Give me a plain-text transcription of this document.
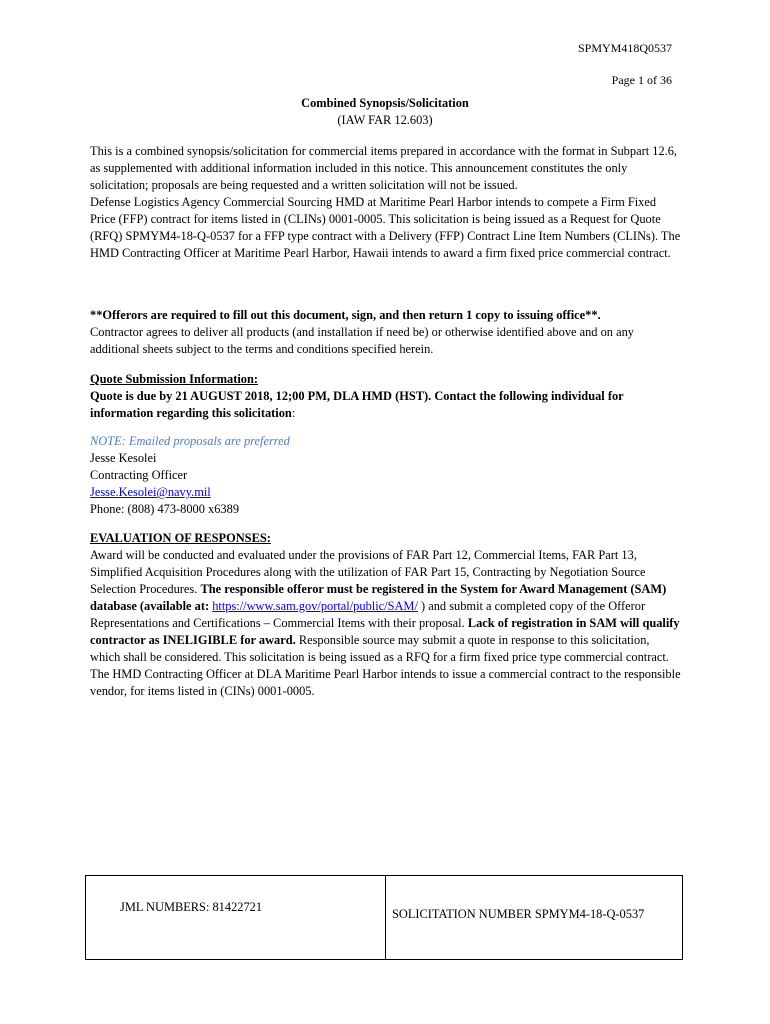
SPMYM418Q0537
Page 1 of 36
Combined Synopsis/Solicitation
(IAW FAR 12.603)

This is a combined synopsis/solicitation for commercial items prepared in accordance with the format in Subpart 12.6, as supplemented with additional information included in this notice. This announcement constitutes the only solicitation; proposals are being requested and a written solicitation will not be issued.

Defense Logistics Agency Commercial Sourcing HMD at Maritime Pearl Harbor intends to compete a Firm Fixed Price (FFP) contract for items listed in (CLINs) 0001-0005. This solicitation is being issued as a Request for Quote (RFQ) SPMYM4-18-Q-0537 for a FFP type contract with a Delivery (FFP) Contract Line Item Numbers (CLINs). The HMD Contracting Officer at Maritime Pearl Harbor, Hawaii intends to award a firm fixed price commercial contract.

**Offerors are required to fill out this document, sign, and then return 1 copy to issuing office**.

Contractor agrees to deliver all products (and installation if need be) or otherwise identified above and on any additional sheets subject to the terms and conditions specified herein.

Quote Submission Information:

Quote is due by 21 AUGUST 2018, 12;00 PM, DLA HMD (HST). Contact the following individual for information regarding this solicitation:

NOTE: Emailed proposals are preferred

Jesse Kesolei

Contracting Officer

Jesse.Kesolei@navy.mil

Phone: (808) 473-8000 x6389

EVALUATION OF RESPONSES:

Award will be conducted and evaluated under the provisions of FAR Part 12, Commercial Items, FAR Part 13, Simplified Acquisition Procedures along with the utilization of FAR Part 15, Contracting by Negotiation Source Selection Procedures. The responsible offeror must be registered in the System for Award Management (SAM) database (available at: https://www.sam.gov/portal/public/SAM/ ) and submit a completed copy of the Offeror Representations and Certifications – Commercial Items with their proposal. Lack of registration in SAM will qualify contractor as INELIGIBLE for award. Responsible source may submit a quote in response to this solicitation, which shall be considered. This solicitation is being issued as a RFQ for a firm fixed price type commercial contract. The HMD Contracting Officer at DLA Maritime Pearl Harbor intends to issue a commercial contract to the responsible vendor, for items listed in (CINs) 0001-0005.

JML NUMBERS: 81422721	SOLICITATION NUMBER SPMYM4-18-Q-0537
